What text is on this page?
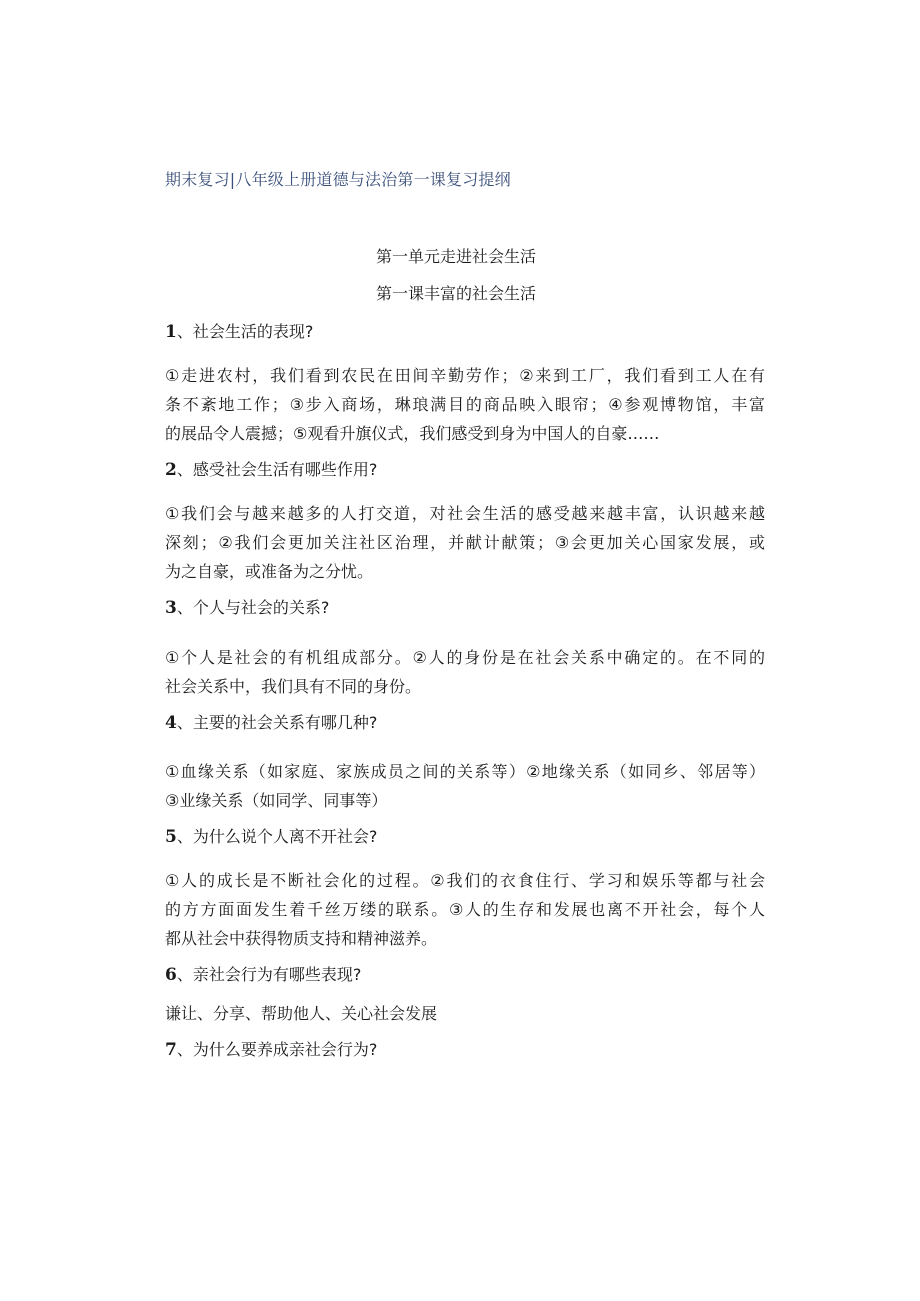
期末复习|八年级上册道德与法治第一课复习提纲
第一单元走进社会生活
第一课丰富的社会生活

1、社会生活的表现?

①走进农村，我们看到农民在田间辛勤劳作；②来到工厂，我们看到工人在有
条不紊地工作；③步入商场，琳琅满目的商品映入眼帘；④参观博物馆，丰富
的展品令人震撼；⑤观看升旗仪式，我们感受到身为中国人的自豪……

2、感受社会生活有哪些作用?

①我们会与越来越多的人打交道，对社会生活的感受越来越丰富，认识越来越
深刻；②我们会更加关注社区治理，并献计献策；③会更加关心国家发展，或
为之自豪，或准备为之分忧。

3、个人与社会的关系?

①个人是社会的有机组成部分。②人的身份是在社会关系中确定的。在不同的
社会关系中，我们具有不同的身份。

4、主要的社会关系有哪几种?

①血缘关系（如家庭、家族成员之间的关系等）②地缘关系（如同乡、邻居等）
③业缘关系（如同学、同事等）

5、为什么说个人离不开社会?

①人的成长是不断社会化的过程。②我们的衣食住行、学习和娱乐等都与社会
的方方面面发生着千丝万缕的联系。③人的生存和发展也离不开社会，每个人
都从社会中获得物质支持和精神滋养。

6、亲社会行为有哪些表现?

谦让、分享、帮助他人、关心社会发展

7、为什么要养成亲社会行为?
